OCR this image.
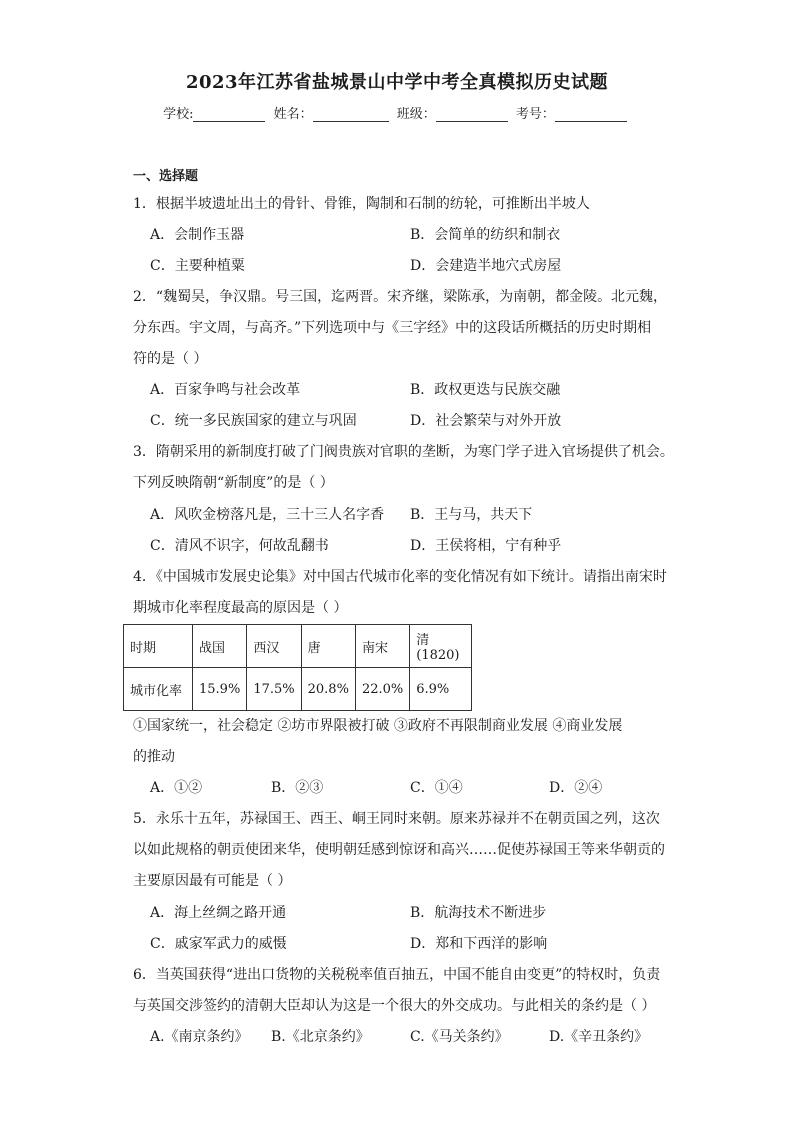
2023年江苏省盐城景山中学中考全真模拟历史试题
学校:	姓名：	班级：	考号：
一、选择题
1．根据半坡遗址出土的骨针、骨锥，陶制和石制的纺轮，可推断出半坡人
A．会制作玉器	B．会简单的纺织和制衣
C．主要种植粟	D．会建造半地穴式房屋
2．“魏蜀吴，争汉鼎。号三国，迄两晋。宋齐继，梁陈承，为南朝，都金陵。北元魏，
分东西。宇文周，与高齐。”下列选项中与《三字经》中的这段话所概括的历史时期相
符的是（ ）
A．百家争鸣与社会改革	B．政权更迭与民族交融
C．统一多民族国家的建立与巩固	D．社会繁荣与对外开放
3．隋朝采用的新制度打破了门阀贵族对官职的垄断，为寒门学子进入官场提供了机会。
下列反映隋朝“新制度”的是（ ）
A．风吹金榜落凡是，三十三人名字香 B．王与马，共天下
C．清风不识字，何故乱翻书	D．王侯将相，宁有种乎
4．《中国城市发展史论集》对中国古代城市化率的变化情况有如下统计。请指出南宋时
期城市化率程度最高的原因是（ ）
时期	战国	西汉	唐	南宋	清(1820)
城市化率	15.9%	17.5%	20.8%	22.0%	6.9%
①国家统一，社会稳定 ②坊市界限被打破 ③政府不再限制商业发展 ④商业发展
的推动
A．①②	B．②③	C．①④	D．②④
5．永乐十五年，苏禄国王、西王、峒王同时来朝。原来苏禄并不在朝贡国之列，这次
以如此规格的朝贡使团来华，使明朝廷感到惊讶和高兴……促使苏禄国王等来华朝贡的
主要原因最有可能是（ ）
A．海上丝绸之路开通	B．航海技术不断进步
C．戚家军武力的威慑	D．郑和下西洋的影响
6．当英国获得“进出口货物的关税税率值百抽五，中国不能自由变更”的特权时，负责
与英国交涉签约的清朝大臣却认为这是一个很大的外交成功。与此相关的条约是（ ）
A.《南京条约》 B.《北京条约》	C.《马关条约》	D.《辛丑条约》
